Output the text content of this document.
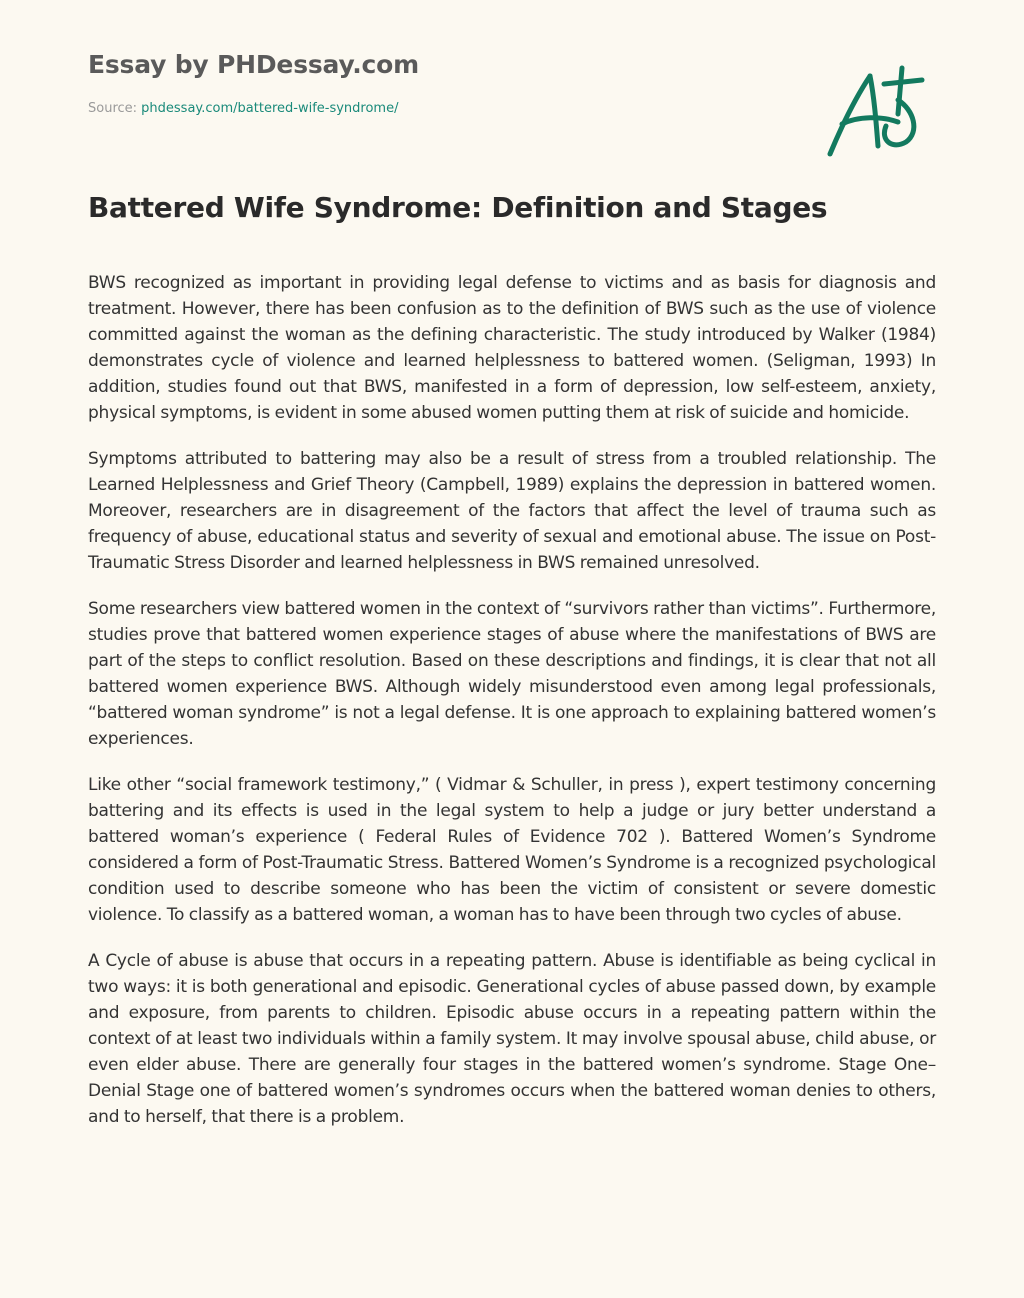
Essay by PHDessay.com
Source: phdessay.com/battered-wife-syndrome/
Battered Wife Syndrome: Definition and Stages

BWS recognized as important in providing legal defense to victims and as basis for diagnosis and treatment. However, there has been confusion as to the definition of BWS such as the use of violence committed against the woman as the defining characteristic. The study introduced by Walker (1984) demonstrates cycle of violence and learned helplessness to battered women. (Seligman, 1993) In addition, studies found out that BWS, manifested in a form of depression, low self-esteem, anxiety, physical symptoms, is evident in some abused women putting them at risk of suicide and homicide.

Symptoms attributed to battering may also be a result of stress from a troubled relationship. The Learned Helplessness and Grief Theory (Campbell, 1989) explains the depression in battered women. Moreover, researchers are in disagreement of the factors that affect the level of trauma such as frequency of abuse, educational status and severity of sexual and emotional abuse. The issue on Post-Traumatic Stress Disorder and learned helplessness in BWS remained unresolved.

Some researchers view battered women in the context of “survivors rather than victims”. Furthermore, studies prove that battered women experience stages of abuse where the manifestations of BWS are part of the steps to conflict resolution. Based on these descriptions and findings, it is clear that not all battered women experience BWS. Although widely misunderstood even among legal professionals, “battered woman syndrome” is not a legal defense. It is one approach to explaining battered women’s experiences.

Like other “social framework testimony,” ( Vidmar & Schuller, in press ), expert testimony concerning battering and its effects is used in the legal system to help a judge or jury better understand a battered woman’s experience ( Federal Rules of Evidence 702 ). Battered Women’s Syndrome considered a form of Post-Traumatic Stress. Battered Women’s Syndrome is a recognized psychological condition used to describe someone who has been the victim of consistent or severe domestic violence. To classify as a battered woman, a woman has to have been through two cycles of abuse.

A Cycle of abuse is abuse that occurs in a repeating pattern. Abuse is identifiable as being cyclical in two ways: it is both generational and episodic. Generational cycles of abuse passed down, by example and exposure, from parents to children. Episodic abuse occurs in a repeating pattern within the context of at least two individuals within a family system. It may involve spousal abuse, child abuse, or even elder abuse. There are generally four stages in the battered women’s syndrome. Stage One–Denial Stage one of battered women’s syndromes occurs when the battered woman denies to others, and to herself, that there is a problem.
